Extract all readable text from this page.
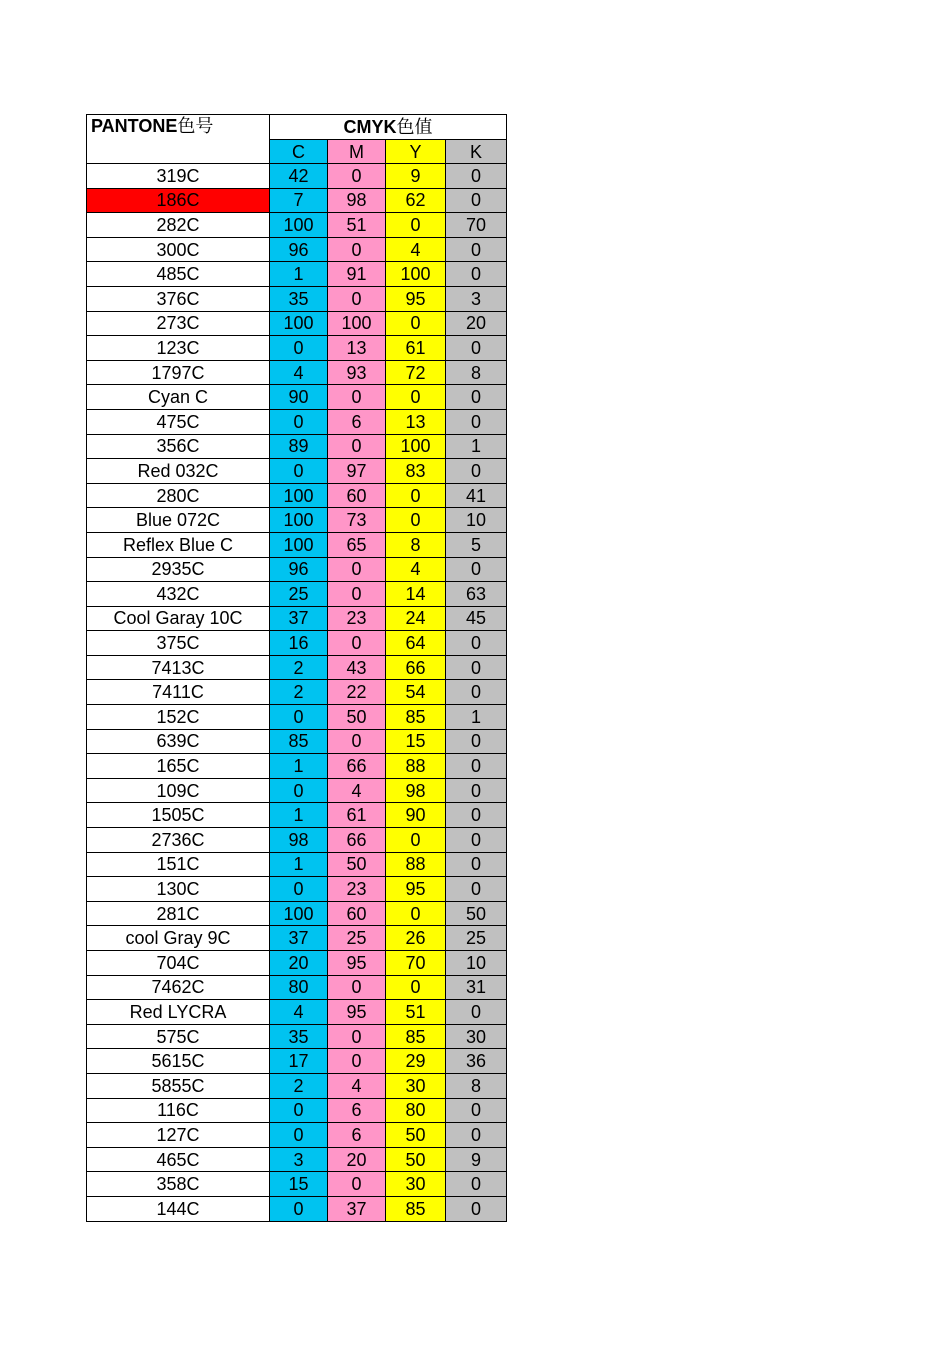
PANTONE色号	CMYK色值			
	C	M	Y	K
319C	42	0	9	0
186C	7	98	62	0
282C	100	51	0	70
300C	96	0	4	0
485C	1	91	100	0
376C	35	0	95	3
273C	100	100	0	20
123C	0	13	61	0
1797C	4	93	72	8
Cyan C	90	0	0	0
475C	0	6	13	0
356C	89	0	100	1
Red 032C	0	97	83	0
280C	100	60	0	41
Blue 072C	100	73	0	10
Reflex Blue C	100	65	8	5
2935C	96	0	4	0
432C	25	0	14	63
Cool Garay 10C	37	23	24	45
375C	16	0	64	0
7413C	2	43	66	0
7411C	2	22	54	0
152C	0	50	85	1
639C	85	0	15	0
165C	1	66	88	0
109C	0	4	98	0
1505C	1	61	90	0
2736C	98	66	0	0
151C	1	50	88	0
130C	0	23	95	0
281C	100	60	0	50
cool Gray 9C	37	25	26	25
704C	20	95	70	10
7462C	80	0	0	31
Red LYCRA	4	95	51	0
575C	35	0	85	30
5615C	17	0	29	36
5855C	2	4	30	8
116C	0	6	80	0
127C	0	6	50	0
465C	3	20	50	9
358C	15	0	30	0
144C	0	37	85	0
